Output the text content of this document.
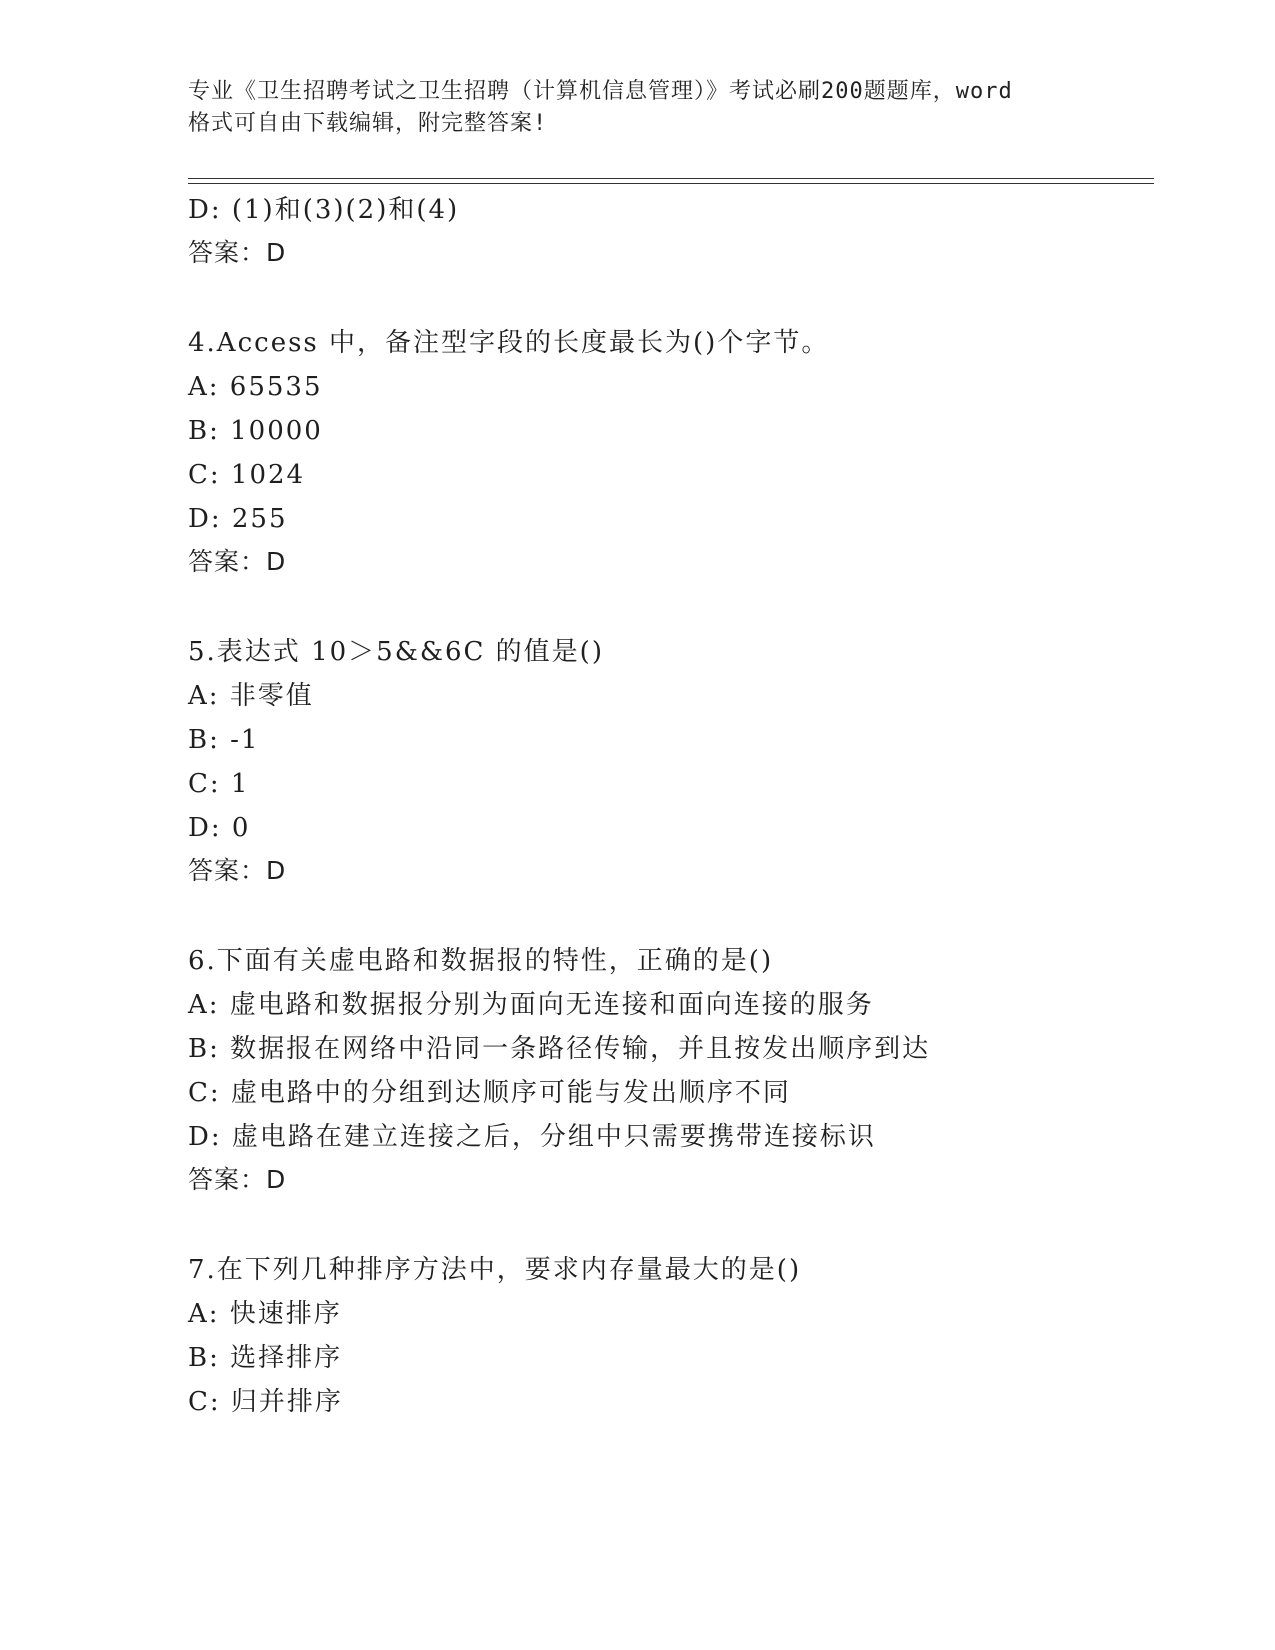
专业《卫生招聘考试之卫生招聘（计算机信息管理）》考试必刷200题题库，word
格式可自由下载编辑，附完整答案!
D: (1)和(3)(2)和(4)
答案：D
4.Access 中，备注型字段的长度最长为()个字节。
A: 65535
B: 10000
C: 1024
D: 255
答案：D
5.表达式 10＞5&&6C 的值是()
A: 非零值
B: -1
C: 1
D: 0
答案：D
6.下面有关虚电路和数据报的特性，正确的是()
A: 虚电路和数据报分别为面向无连接和面向连接的服务
B: 数据报在网络中沿同一条路径传输，并且按发出顺序到达
C: 虚电路中的分组到达顺序可能与发出顺序不同
D: 虚电路在建立连接之后，分组中只需要携带连接标识
答案：D
7.在下列几种排序方法中，要求内存量最大的是()
A: 快速排序
B: 选择排序
C: 归并排序
